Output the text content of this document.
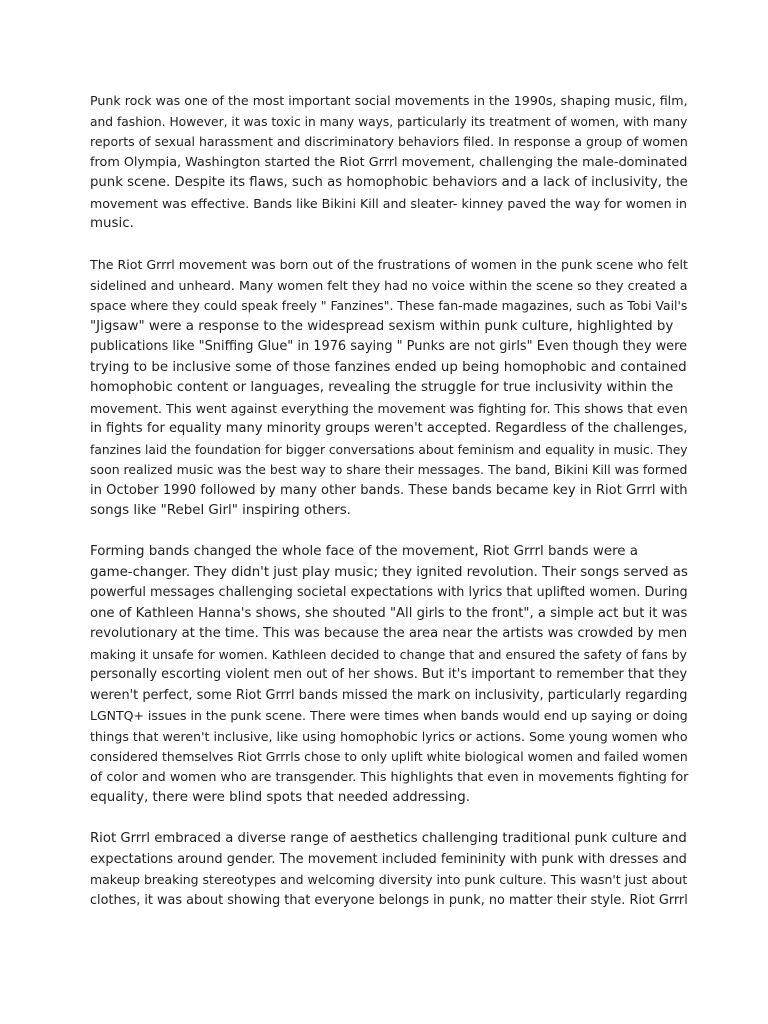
Punk rock was one of the most important social movements in the 1990s, shaping music, film,
and fashion. However, it was toxic in many ways, particularly its treatment of women, with many
reports of sexual harassment and discriminatory behaviors filed. In response a group of women
from Olympia, Washington started the Riot Grrrl movement, challenging the male-dominated
punk scene. Despite its flaws, such as homophobic behaviors and a lack of inclusivity, the
movement was effective. Bands like Bikini Kill and sleater- kinney paved the way for women in
music.

The Riot Grrrl movement was born out of the frustrations of women in the punk scene who felt
sidelined and unheard. Many women felt they had no voice within the scene so they created a
space where they could speak freely " Fanzines". These fan-made magazines, such as Tobi Vail's
"Jigsaw" were a response to the widespread sexism within punk culture, highlighted by
publications like "Sniffing Glue" in 1976 saying " Punks are not girls" Even though they were
trying to be inclusive some of those fanzines ended up being homophobic and contained
homophobic content or languages, revealing the struggle for true inclusivity within the
movement. This went against everything the movement was fighting for. This shows that even
in fights for equality many minority groups weren't accepted. Regardless of the challenges,
fanzines laid the foundation for bigger conversations about feminism and equality in music. They
soon realized music was the best way to share their messages. The band, Bikini Kill was formed
in October 1990 followed by many other bands. These bands became key in Riot Grrrl with
songs like "Rebel Girl" inspiring others.

Forming bands changed the whole face of the movement, Riot Grrrl bands were a
game-changer. They didn't just play music; they ignited revolution. Their songs served as
powerful messages challenging societal expectations with lyrics that uplifted women. During
one of Kathleen Hanna's shows, she shouted "All girls to the front", a simple act but it was
revolutionary at the time. This was because the area near the artists was crowded by men
making it unsafe for women. Kathleen decided to change that and ensured the safety of fans by
personally escorting violent men out of her shows. But it's important to remember that they
weren't perfect, some Riot Grrrl bands missed the mark on inclusivity, particularly regarding
LGNTQ+ issues in the punk scene. There were times when bands would end up saying or doing
things that weren't inclusive, like using homophobic lyrics or actions. Some young women who
considered themselves Riot Grrrls chose to only uplift white biological women and failed women
of color and women who are transgender. This highlights that even in movements fighting for
equality, there were blind spots that needed addressing.

Riot Grrrl embraced a diverse range of aesthetics challenging traditional punk culture and
expectations around gender. The movement included femininity with punk with dresses and
makeup breaking stereotypes and welcoming diversity into punk culture. This wasn't just about
clothes, it was about showing that everyone belongs in punk, no matter their style. Riot Grrrl
